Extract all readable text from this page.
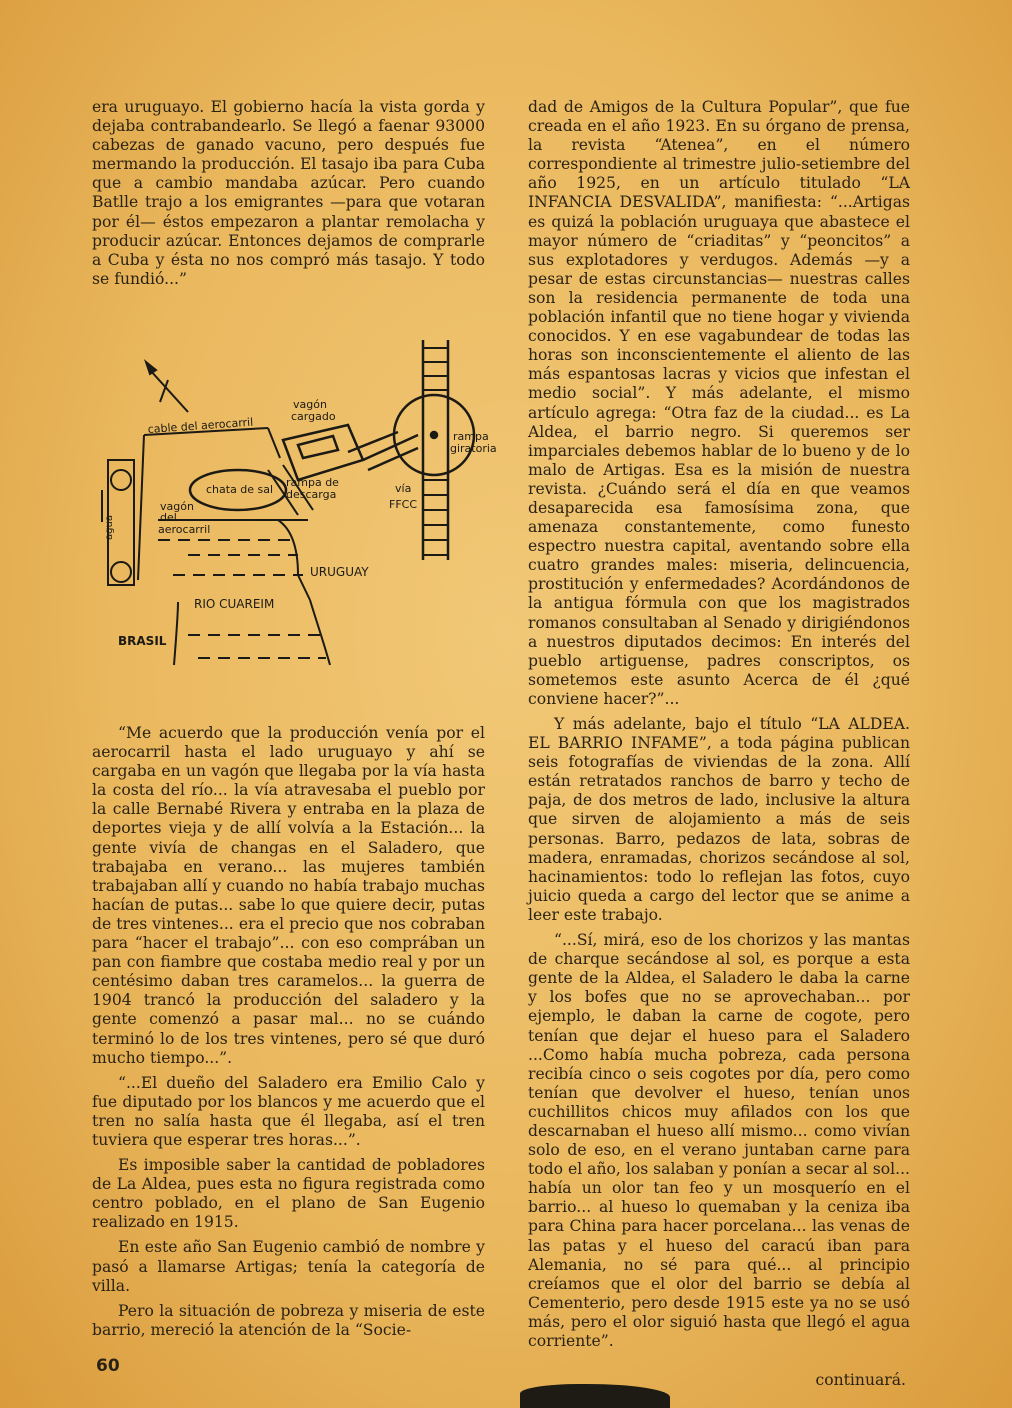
era uruguayo. El gobierno hacía la vista gorda y dejaba contrabandearlo. Se llegó a faenar 93000 cabezas de ganado vacuno, pero después fue mermando la producción. El tasajo iba para Cuba que a cambio mandaba azúcar. Pero cuando Batlle trajo a los emigrantes —para que votaran por él— éstos empezaron a plantar remolacha y producir azúcar. Entonces dejamos de comprarle a Cuba y ésta no nos compró más tasajo. Y todo se fundió...”

cable del aerocarril
vagón
cargado
rampa
giratoria
chata de sal
rampa de
descarga	vía
FFCC
vagón
del
aerocarril
agua
URUGUAY
RIO CUAREIM
BRASIL

“Me acuerdo que la producción venía por el aerocarril hasta el lado uruguayo y ahí se cargaba en un vagón que llegaba por la vía hasta la costa del río... la vía atravesaba el pueblo por la calle Bernabé Rivera y entraba en la plaza de deportes vieja y de allí volvía a la Estación... la gente vivía de changas en el Saladero, que trabajaba en verano... las mujeres también trabajaban allí y cuando no había trabajo muchas hacían de putas... sabe lo que quiere decir, putas de tres vintenes... era el precio que nos cobraban para “hacer el trabajo”... con eso comprában un pan con fiambre que costaba medio real y por un centésimo daban tres caramelos... la guerra de 1904 trancó la producción del saladero y la gente comenzó a pasar mal... no se cuándo terminó lo de los tres vintenes, pero sé que duró mucho tiempo...”.

“...El dueño del Saladero era Emilio Calo y fue diputado por los blancos y me acuerdo que el tren no salía hasta que él llegaba, así el tren tuviera que esperar tres horas...”.

Es imposible saber la cantidad de pobladores de La Aldea, pues esta no figura registrada como centro poblado, en el plano de San Eugenio realizado en 1915.

En este año San Eugenio cambió de nombre y pasó a llamarse Artigas; tenía la categoría de villa.

Pero la situación de pobreza y miseria de este barrio, mereció la atención de la “Socie-

dad de Amigos de la Cultura Popular”, que fue creada en el año 1923. En su órgano de prensa, la revista “Atenea”, en el número correspondiente al trimestre julio-setiembre del año 1925, en un artículo titulado “LA INFANCIA DESVALIDA”, manifiesta: “...Artigas es quizá la población uruguaya que abastece el mayor número de “criaditas” y “peoncitos” a sus explotadores y verdugos. Además —y a pesar de estas circunstancias— nuestras calles son la residencia permanente de toda una población infantil que no tiene hogar y vivienda conocidos. Y en ese vagabundear de todas las horas son inconscientemente el aliento de las más espantosas lacras y vicios que infestan el medio social”. Y más adelante, el mismo artículo agrega: “Otra faz de la ciudad... es La Aldea, el barrio negro. Si queremos ser imparciales debemos hablar de lo bueno y de lo malo de Artigas. Esa es la misión de nuestra revista. ¿Cuándo será el día en que veamos desaparecida esa famosísima zona, que amenaza constantemente, como funesto espectro nuestra capital, aventando sobre ella cuatro grandes males: miseria, delincuencia, prostitución y enfermedades? Acordándonos de la antigua fórmula con que los magistrados romanos consultaban al Senado y dirigiéndonos a nuestros diputados decimos: En interés del pueblo artiguense, padres conscriptos, os sometemos este asunto Acerca de él ¿qué conviene hacer?”...

Y más adelante, bajo el título “LA ALDEA. EL BARRIO INFAME”, a toda página publican seis fotografías de viviendas de la zona. Allí están retratados ranchos de barro y techo de paja, de dos metros de lado, inclusive la altura que sirven de alojamiento a más de seis personas. Barro, pedazos de lata, sobras de madera, enramadas, chorizos secándose al sol, hacinamientos: todo lo reflejan las fotos, cuyo juicio queda a cargo del lector que se anime a leer este trabajo.

“...Sí, mirá, eso de los chorizos y las mantas de charque secándose al sol, es porque a esta gente de la Aldea, el Saladero le daba la carne y los bofes que no se aprovechaban... por ejemplo, le daban la carne de cogote, pero tenían que dejar el hueso para el Saladero ...Como había mucha pobreza, cada persona recibía cinco o seis cogotes por día, pero como tenían que devolver el hueso, tenían unos cuchillitos chicos muy afilados con los que descarnaban el hueso allí mismo... como vivían solo de eso, en el verano juntaban carne para todo el año, los salaban y ponían a secar al sol... había un olor tan feo y un mosquerío en el barrio... al hueso lo quemaban y la ceniza iba para China para hacer porcelana... las venas de las patas y el hueso del caracú iban para Alemania, no sé para qué... al principio creíamos que el olor del barrio se debía al Cementerio, pero desde 1915 este ya no se usó más, pero el olor siguió hasta que llegó el agua corriente”.

continuará.
60
